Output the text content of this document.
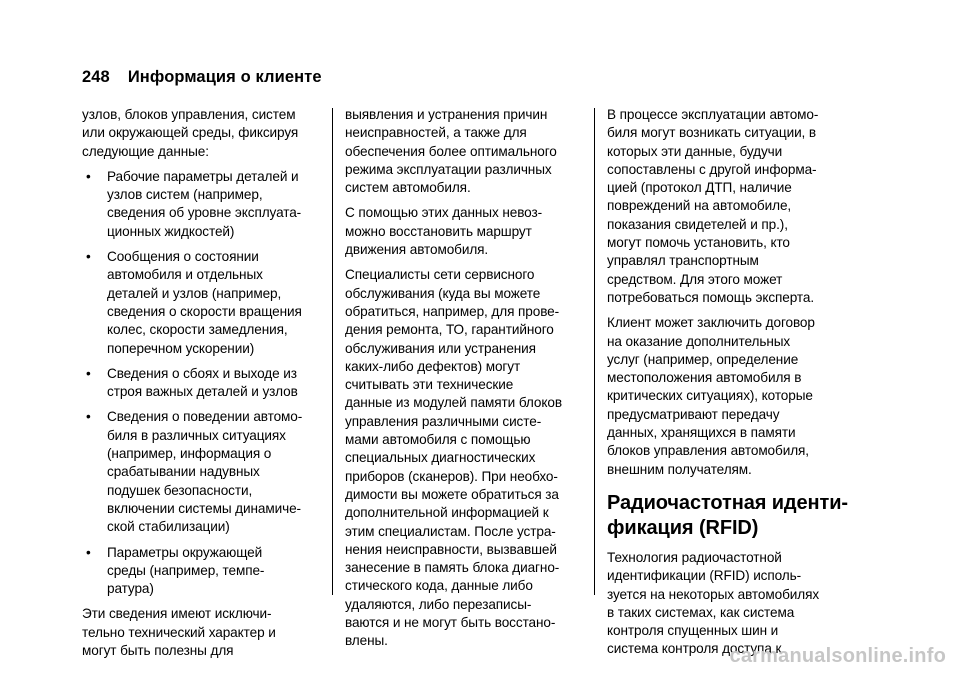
248 Информация о клиенте
узлов, блоков управления, систем
или окружающей среды, фиксируя
следующие данные:
• Рабочие параметры деталей и
узлов систем (например,
сведения об уровне эксплуата-
ционных жидкостей)
• Сообщения о состоянии
автомобиля и отдельных
деталей и узлов (например,
сведения о скорости вращения
колес, скорости замедления,
поперечном ускорении)
• Сведения о сбоях и выходе из
строя важных деталей и узлов
• Сведения о поведении автомо-
биля в различных ситуациях
(например, информация о
срабатывании надувных
подушек безопасности,
включении системы динамиче-
ской стабилизации)
• Параметры окружающей
среды (например, темпе-
ратура)
Эти сведения имеют исключи-
тельно технический характер и
могут быть полезны для
выявления и устранения причин
неисправностей, а также для
обеспечения более оптимального
режима эксплуатации различных
систем автомобиля.
С помощью этих данных невоз-
можно восстановить маршрут
движения автомобиля.
Специалисты сети сервисного
обслуживания (куда вы можете
обратиться, например, для прове-
дения ремонта, ТО, гарантийного
обслуживания или устранения
каких-либо дефектов) могут
считывать эти технические
данные из модулей памяти блоков
управления различными систе-
мами автомобиля с помощью
специальных диагностических
приборов (сканеров). При необхо-
димости вы можете обратиться за
дополнительной информацией к
этим специалистам. После устра-
нения неисправности, вызвавшей
занесение в память блока диагно-
стического кода, данные либо
удаляются, либо перезаписы-
ваются и не могут быть восстано-
влены.
В процессе эксплуатации автомо-
биля могут возникать ситуации, в
которых эти данные, будучи
сопоставлены с другой информа-
цией (протокол ДТП, наличие
повреждений на автомобиле,
показания свидетелей и пр.),
могут помочь установить, кто
управлял транспортным
средством. Для этого может
потребоваться помощь эксперта.
Клиент может заключить договор
на оказание дополнительных
услуг (например, определение
местоположения автомобиля в
критических ситуациях), которые
предусматривают передачу
данных, хранящихся в памяти
блоков управления автомобиля,
внешним получателям.
Радиочастотная иденти-
фикация (RFID)
Технология радиочастотной
идентификации (RFID) исполь-
зуется на некоторых автомобилях
в таких системах, как система
контроля спущенных шин и
система контроля доступа к
carmanualsonline.info
